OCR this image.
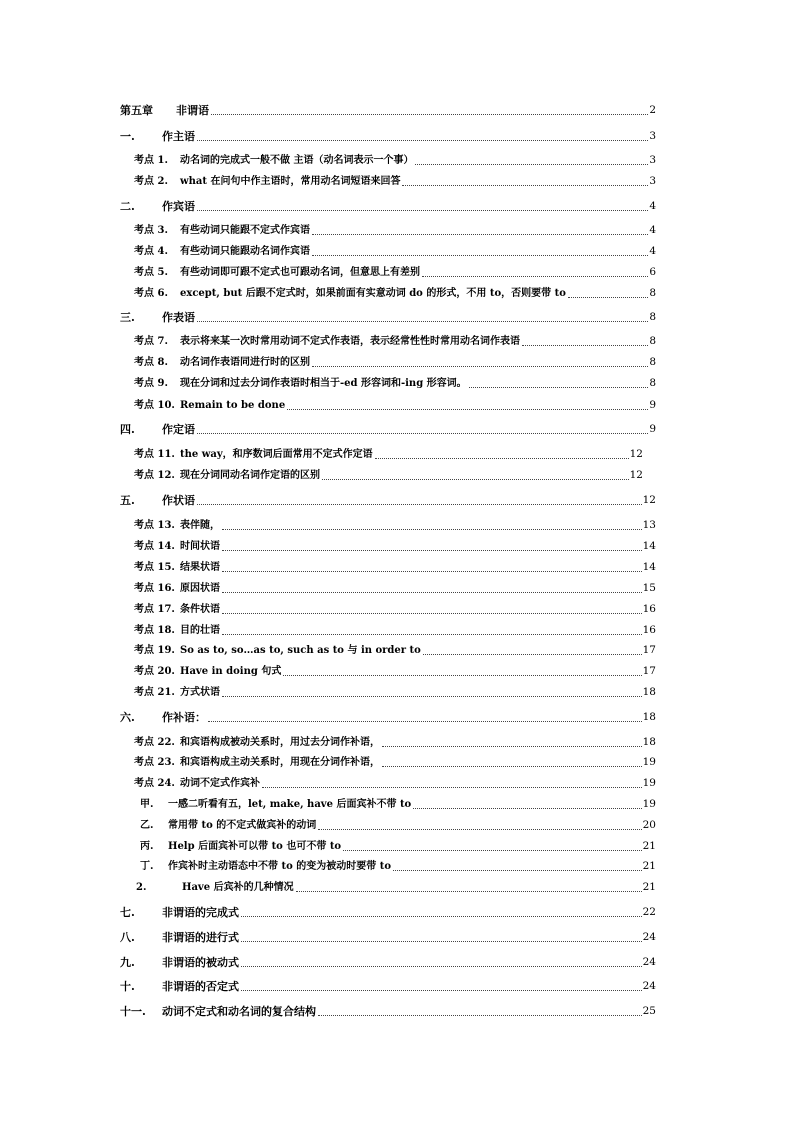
第五章	非谓语	2
一.	作主语	3
考点 1.	动名词的完成式一般不做 主语（动名词表示一个事）	3
考点 2.	what 在问句中作主语时，常用动名词短语来回答	3
二.	作宾语	4
考点 3.	有些动词只能跟不定式作宾语	4
考点 4.	有些动词只能跟动名词作宾语	4
考点 5.	有些动词即可跟不定式也可跟动名词，但意思上有差别	6
考点 6.	except, but 后跟不定式时，如果前面有实意动词 do 的形式，不用 to，否则要带 to	8
三.	作表语	8
考点 7.	表示将来某一次时常用动词不定式作表语，表示经常性性时常用动名词作表语	8
考点 8.	动名词作表语同进行时的区别	8
考点 9.	现在分词和过去分词作表语时相当于-ed 形容词和-ing 形容词。	8
考点 10. Remain to be done	9
四.	作定语	9
考点 11. the way，和序数词后面常用不定式作定语	12
考点 12. 现在分词同动名词作定语的区别	12
五.	作状语	12
考点 13. 表伴随，	13
考点 14. 时间状语	14
考点 15. 结果状语	14
考点 16. 原因状语	15
考点 17. 条件状语	16
考点 18. 目的壮语	16
考点 19. So as to, so…as to, such as to 与 in order to	17
考点 20. Have in doing 句式	17
考点 21. 方式状语	18
六.	作补语：	18
考点 22. 和宾语构成被动关系时，用过去分词作补语，	18
考点 23. 和宾语构成主动关系时，用现在分词作补语，	19
考点 24. 动词不定式作宾补	19
甲.	一感二听看有五，let, make, have 后面宾补不带 to	19
乙.	常用带 to 的不定式做宾补的动词	20
丙.	Help 后面宾补可以带 to 也可不带 to	21
丁.	作宾补时主动语态中不带 to 的变为被动时要带 to	21
2.	Have 后宾补的几种情况	21
七.	非谓语的完成式	22
八.	非谓语的进行式	24
九.	非谓语的被动式	24
十.	非谓语的否定式	24
十一.	动词不定式和动名词的复合结构	25
